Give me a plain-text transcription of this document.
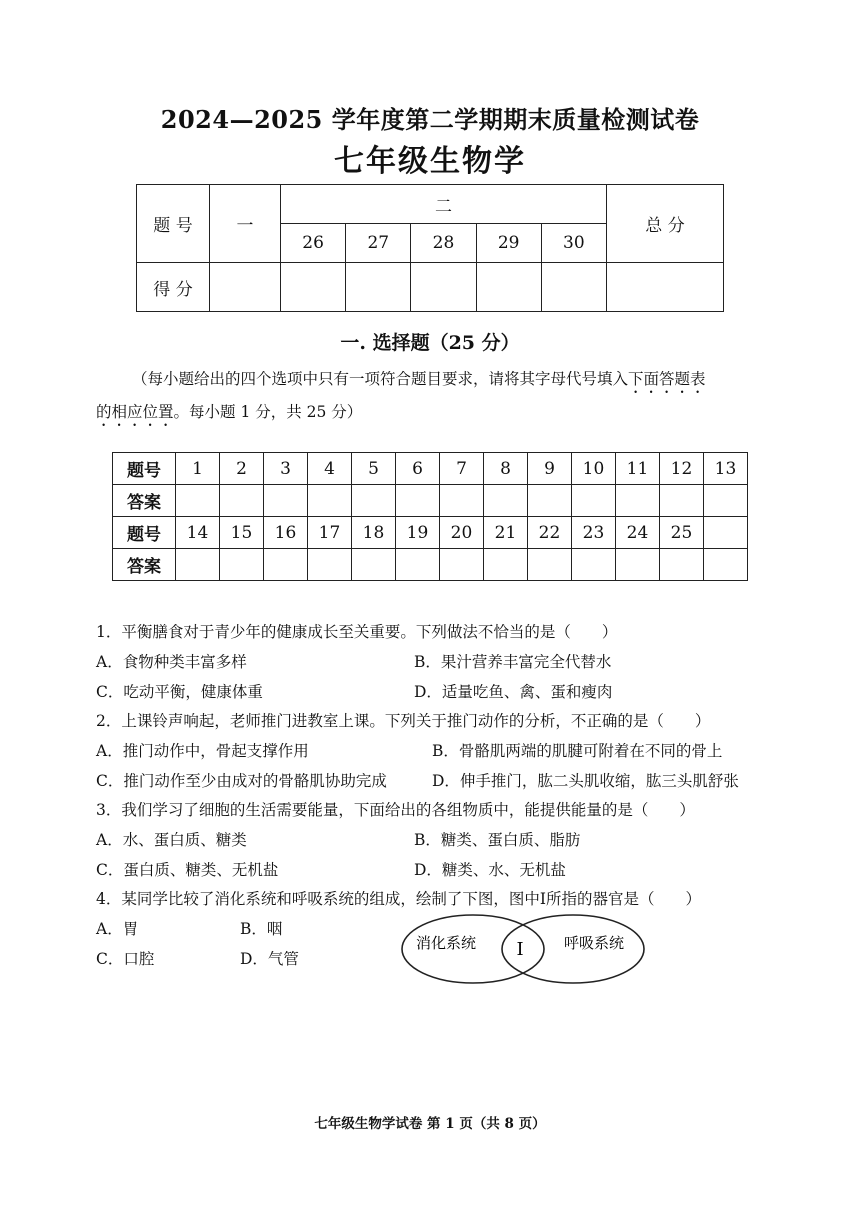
2024—2025 学年度第二学期期末质量检测试卷
七年级生物学
题 号	一	二					总 分
		26	27	28	29	30	
得 分							
一. 选择题（25 分）
（每小题给出的四个选项中只有一项符合题目要求，请将其字母代号填入下面答题表
的相应位置。每小题 1 分，共 25 分）
题号	1	2	3	4	5	6	7	8	9	10	11	12	13
答案													
题号	14	15	16	17	18	19	20	21	22	23	24	25	
答案													
1．平衡膳食对于青少年的健康成长至关重要。下列做法不恰当的是（　　）
A．食物种类丰富多样	B．果汁营养丰富完全代替水
C．吃动平衡，健康体重	D．适量吃鱼、禽、蛋和瘦肉
2．上课铃声响起，老师推门进教室上课。下列关于推门动作的分析，不正确的是（　　）
A．推门动作中，骨起支撑作用	B．骨骼肌两端的肌腱可附着在不同的骨上
C．推门动作至少由成对的骨骼肌协助完成	D．伸手推门，肱二头肌收缩，肱三头肌舒张
3．我们学习了细胞的生活需要能量，下面给出的各组物质中，能提供能量的是（　　）
A．水、蛋白质、糖类	B．糖类、蛋白质、脂肪
C．蛋白质、糖类、无机盐	D．糖类、水、无机盐
4．某同学比较了消化系统和呼吸系统的组成，绘制了下图，图中Ⅰ所指的器官是（　　）
A．胃	B．咽
C．口腔	D．气管
消化系统 Ⅰ	呼吸系统
七年级生物学试卷 第 1 页（共 8 页）
